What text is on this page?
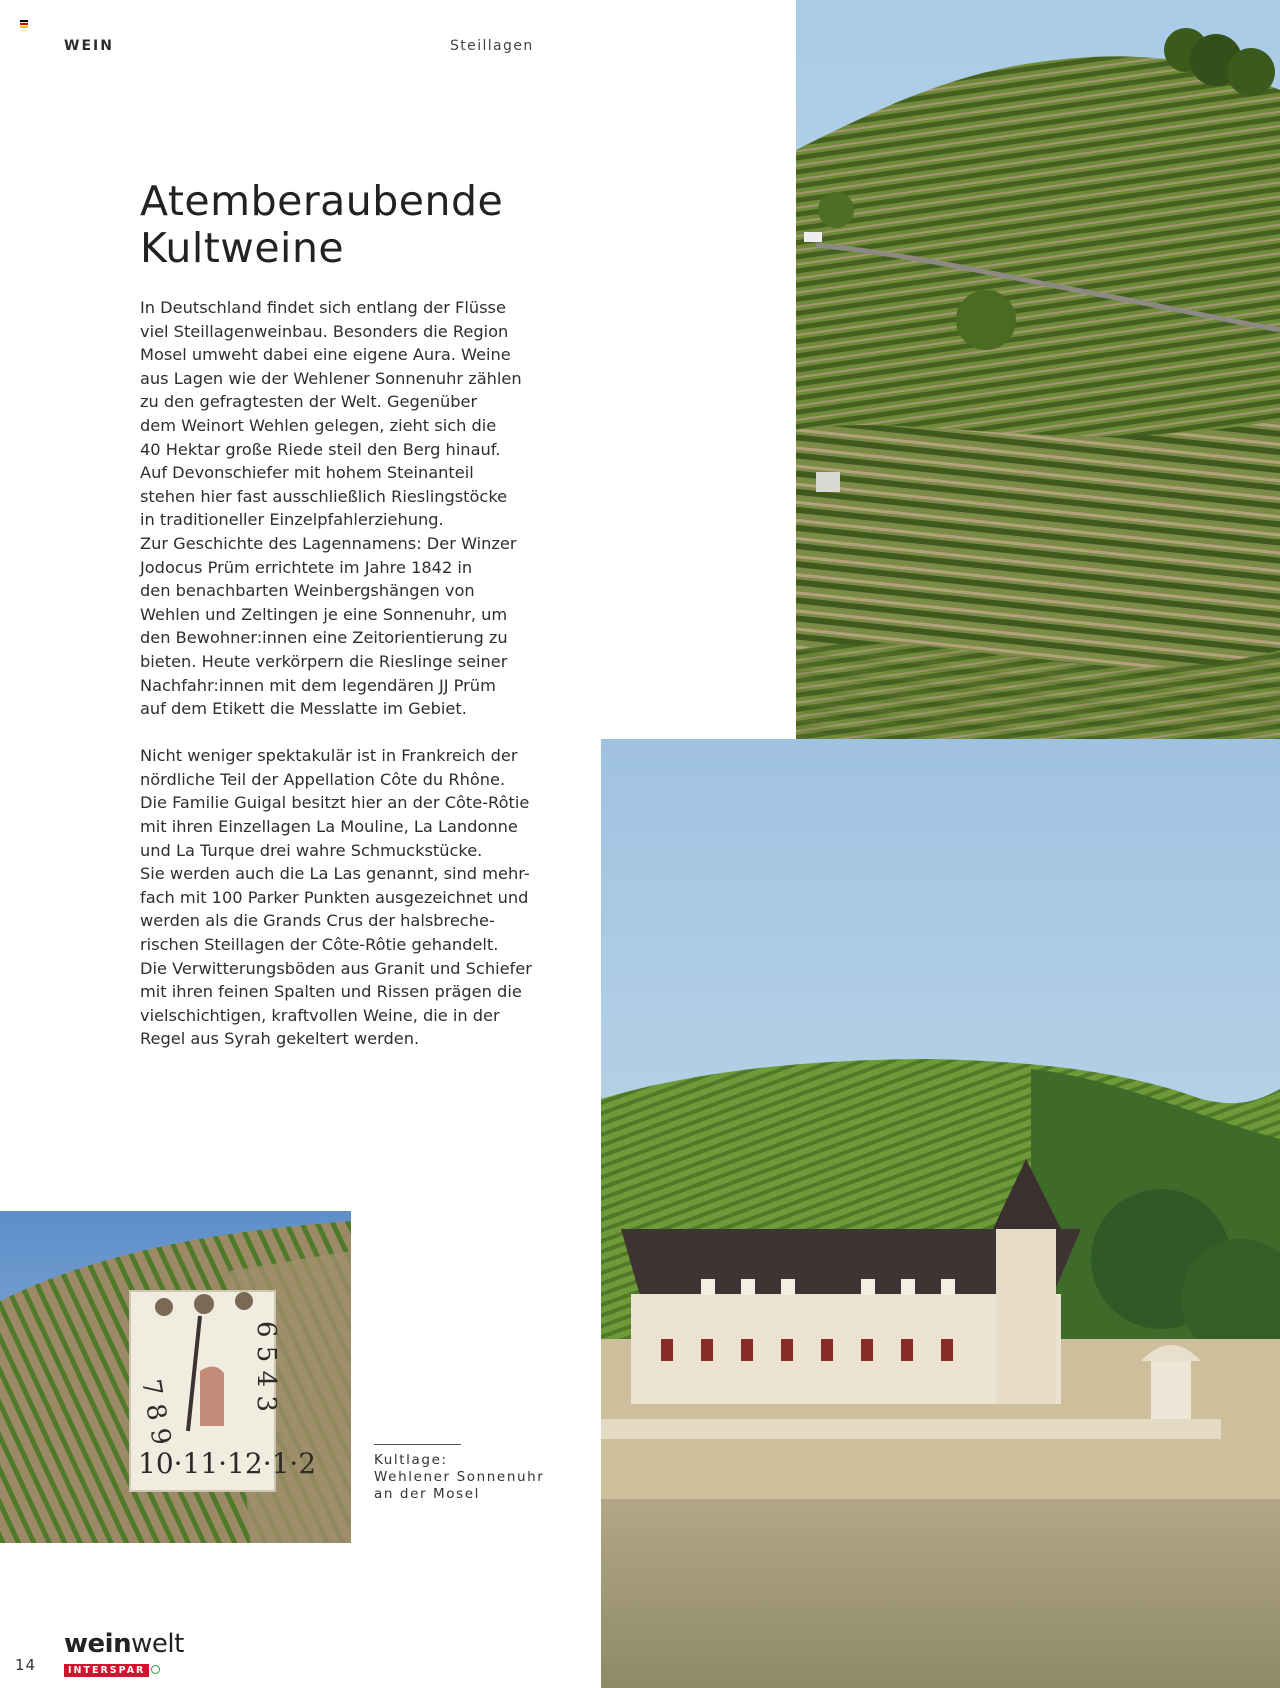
WEIN	Steillagen
Atemberaubende
Kultweine

In Deutschland findet sich entlang der Flüsse
viel Steillagenweinbau. Besonders die Region
Mosel umweht dabei eine eigene Aura. Weine
aus Lagen wie der Wehlener Sonnenuhr zählen
zu den gefragtesten der Welt. Gegenüber
dem Weinort Wehlen gelegen, zieht sich die
40 Hektar große Riede steil den Berg hinauf.
Auf Devonschiefer mit hohem Steinanteil
stehen hier fast ausschließlich Rieslingstöcke
in traditioneller Einzelpfahlerziehung.
Zur Geschichte des Lagennamens: Der Winzer
Jodocus Prüm errichtete im Jahre 1842 in
den benachbarten Weinbergshängen von
Wehlen und Zeltingen je eine Sonnenuhr, um
den Bewohner:innen eine Zeitorientierung zu
bieten. Heute verkörpern die Rieslinge seiner
Nachfahr:innen mit dem legendären JJ Prüm
auf dem Etikett die Messlatte im Gebiet.

Nicht weniger spektakulär ist in Frankreich der
nördliche Teil der Appellation Côte du Rhône.
Die Familie Guigal besitzt hier an der Côte-Rôtie
mit ihren Einzellagen La Mouline, La Landonne
und La Turque drei wahre Schmuckstücke.
Sie werden auch die La Las genannt, sind mehr-
fach mit 100 Parker Punkten ausgezeichnet und
werden als die Grands Crus der halsbreche-
rischen Steillagen der Côte-Rôtie gehandelt.
Die Verwitterungsböden aus Granit und Schiefer
mit ihren feinen Spalten und Rissen prägen die
vielschichtigen, kraftvollen Weine, die in der
Regel aus Syrah gekeltert werden.

7 8 9
6 5 4 3
10·11·12·1·2	Kultlage:
Wehlener Sonnenuhr
an der Mosel
14
weinwelt
INTERSPAR
